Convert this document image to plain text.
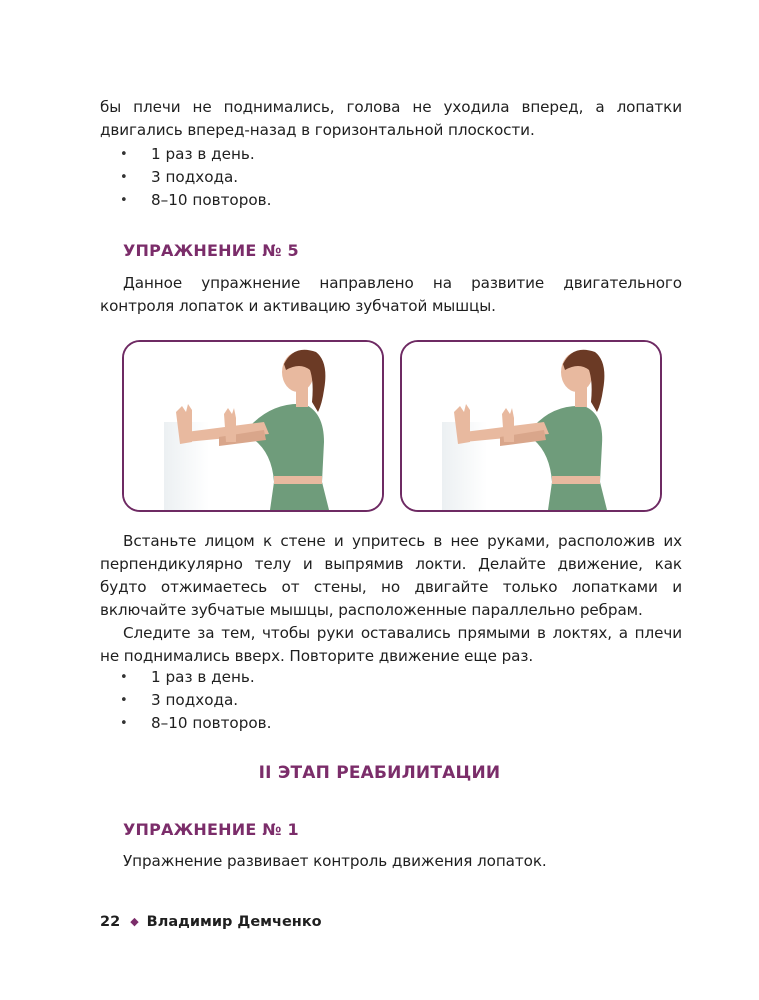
бы плечи не поднимались, голова не уходила вперед, а лопатки двигались вперед-назад в горизонтальной плоскости.
• 1 раз в день.
• 3 подхода.
• 8–10 повторов.
УПРАЖНЕНИЕ № 5
Данное упражнение направлено на развитие двигательного контроля лопаток и активацию зубчатой мышцы.
Встаньте лицом к стене и упритесь в нее руками, расположив их перпендикулярно телу и выпрямив локти. Делайте движение, как будто отжимаетесь от стены, но двигайте только лопатками и включайте зубчатые мышцы, расположенные параллельно ребрам.
Следите за тем, чтобы руки оставались прямыми в локтях, а плечи не поднимались вверх. Повторите движение еще раз.
• 1 раз в день.
• 3 подхода.
• 8–10 повторов.
II ЭТАП РЕАБИЛИТАЦИИ
УПРАЖНЕНИЕ № 1
Упражнение развивает контроль движения лопаток.
22 ◆ Владимир Демченко
